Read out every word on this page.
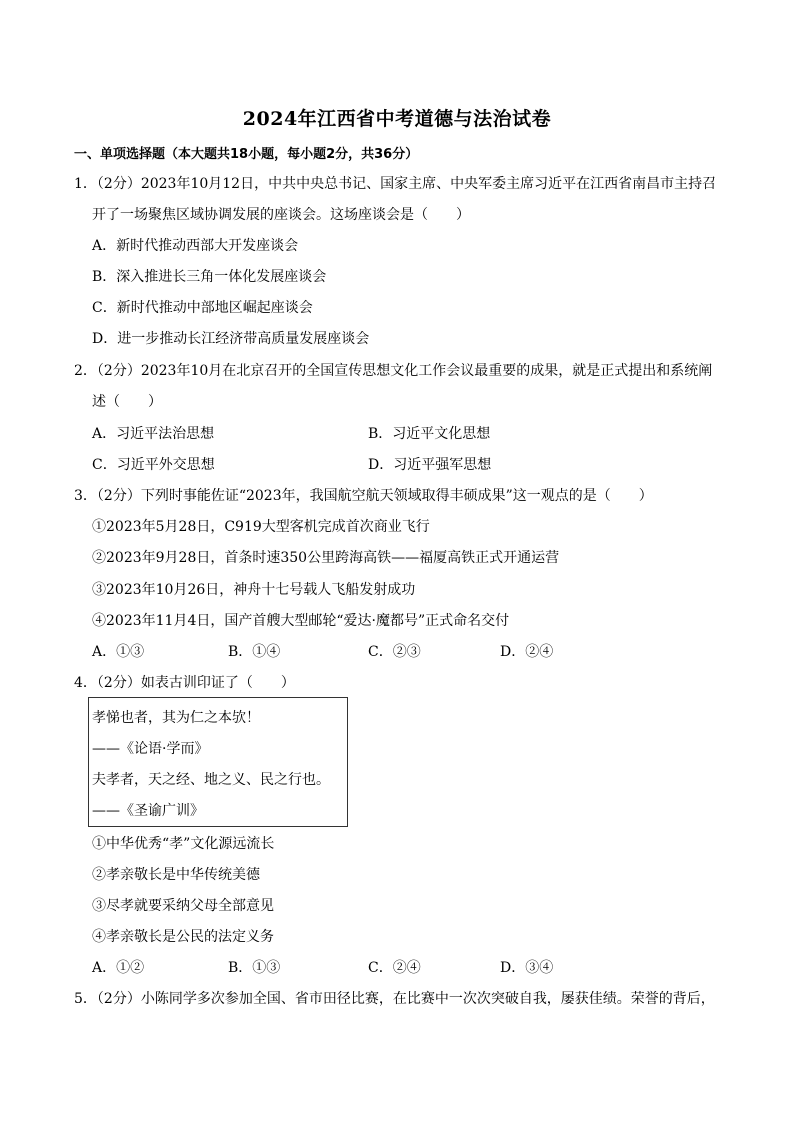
2024年江西省中考道德与法治试卷
一、单项选择题（本大题共18小题，每小题2分，共36分）
1．（2分）2023年10月12日，中共中央总书记、国家主席、中央军委主席习近平在江西省南昌市主持召
开了一场聚焦区域协调发展的座谈会。这场座谈会是（　　）
A．新时代推动西部大开发座谈会
B．深入推进长三角一体化发展座谈会
C．新时代推动中部地区崛起座谈会
D．进一步推动长江经济带高质量发展座谈会
2．（2分）2023年10月在北京召开的全国宣传思想文化工作会议最重要的成果，就是正式提出和系统阐
述（　　）
A．习近平法治思想	B．习近平文化思想
C．习近平外交思想	D．习近平强军思想
3．（2分）下列时事能佐证“2023年，我国航空航天领域取得丰硕成果”这一观点的是（　　）
①2023年5月28日，C919大型客机完成首次商业飞行
②2023年9月28日，首条时速350公里跨海高铁——福厦高铁正式开通运营
③2023年10月26日，神舟十七号载人飞船发射成功
④2023年11月4日，国产首艘大型邮轮“爱达·魔都号”正式命名交付
A．①③	B．①④	C．②③	D．②④
4．（2分）如表古训印证了（　　）
孝悌也者，其为仁之本欤！
——《论语·学而》
夫孝者，天之经、地之义、民之行也。
——《圣谕广训》
①中华优秀“孝”文化源远流长
②孝亲敬长是中华传统美德
③尽孝就要采纳父母全部意见
④孝亲敬长是公民的法定义务
A．①②	B．①③	C．②④	D．③④
5．（2分）小陈同学多次参加全国、省市田径比赛，在比赛中一次次突破自我，屡获佳绩。荣誉的背后，
